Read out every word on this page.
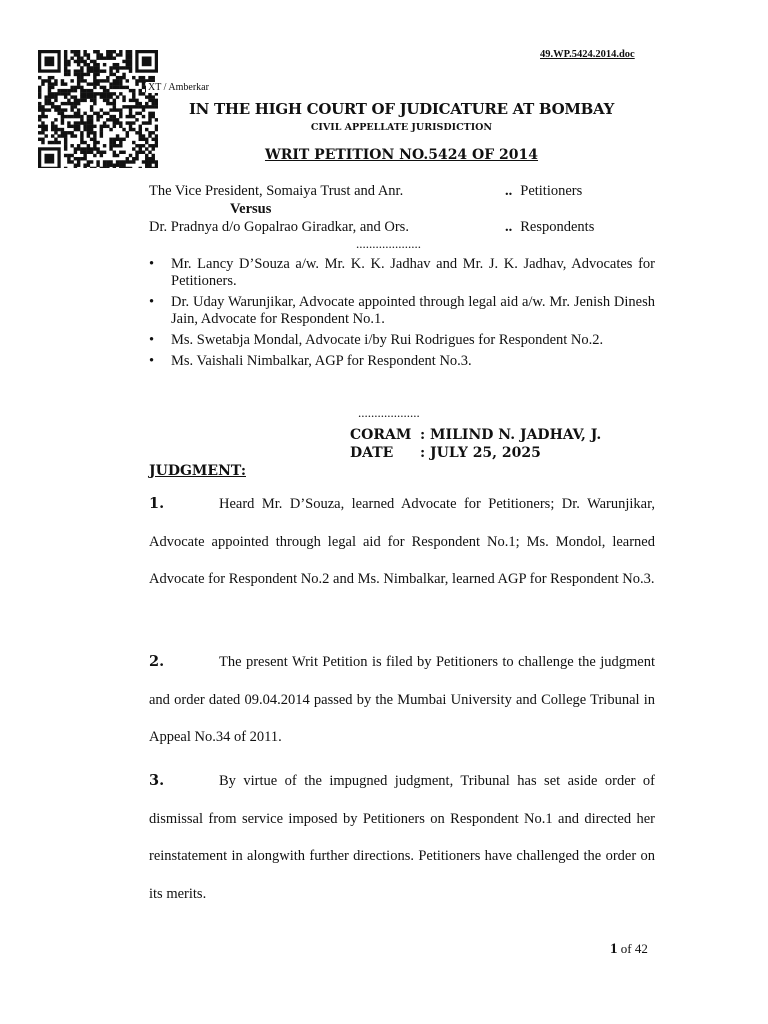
49.WP.5424.2014.doc
XT / Amberkar
IN THE HIGH COURT OF JUDICATURE AT BOMBAY
CIVIL APPELLATE JURISDICTION
WRIT PETITION NO.5424 OF 2014
The Vice President, Somaiya Trust and Anr.	.. Petitioners
Versus
Dr. Pradnya d/o Gopalrao Giradkar, and Ors.	.. Respondents
....................
• Mr. Lancy D’Souza a/w. Mr. K. K. Jadhav and Mr. J. K. Jadhav, Advocates for Petitioners.
• Dr. Uday Warunjikar, Advocate appointed through legal aid a/w. Mr. Jenish Dinesh Jain, Advocate for Respondent No.1.
• Ms. Swetabja Mondal, Advocate i/by Rui Rodrigues for Respondent No.2.
• Ms. Vaishali Nimbalkar, AGP for Respondent No.3.
...................
CORAM : MILIND N. JADHAV, J.
DATE : JULY 25, 2025
JUDGMENT:
1.	Heard Mr. D’Souza, learned Advocate for Petitioners; Dr. Warunjikar, Advocate appointed through legal aid for Respondent No.1; Ms. Mondol, learned Advocate for Respondent No.2 and Ms. Nimbalkar, learned AGP for Respondent No.3.
2.	The present Writ Petition is filed by Petitioners to challenge the judgment and order dated 09.04.2014 passed by the Mumbai University and College Tribunal in Appeal No.34 of 2011.
3.	By virtue of the impugned judgment, Tribunal has set aside order of dismissal from service imposed by Petitioners on Respondent No.1 and directed her reinstatement in alongwith further directions. Petitioners have challenged the order on its merits.
1 of 42
